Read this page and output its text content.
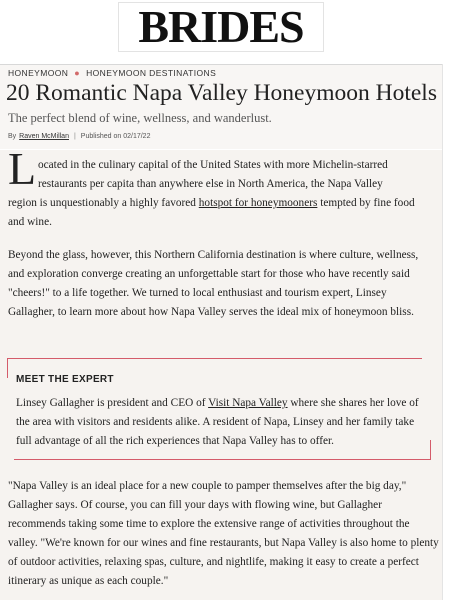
BRIDES
HONEYMOON ● HONEYMOON DESTINATIONS
20 Romantic Napa Valley Honeymoon Hotels
The perfect blend of wine, wellness, and wanderlust.
By Raven McMillan | Published on 02/17/22
L ocated in the culinary capital of the United States with more Michelin-starred
restaurants per capita than anywhere else in North America, the Napa Valley
region is unquestionably a highly favored hotspot for honeymooners tempted by fine food
and wine.
Beyond the glass, however, this Northern California destination is where culture, wellness, and exploration converge creating an unforgettable start for those who have recently said "cheers!" to a life together. We turned to local enthusiast and tourism expert, Linsey Gallagher, to learn more about how Napa Valley serves the ideal mix of honeymoon bliss.
MEET THE EXPERT
Linsey Gallagher is president and CEO of Visit Napa Valley where she shares her love of the area with visitors and residents alike. A resident of Napa, Linsey and her family take full advantage of all the rich experiences that Napa Valley has to offer.
"Napa Valley is an ideal place for a new couple to pamper themselves after the big day," Gallagher says. Of course, you can fill your days with flowing wine, but Gallagher recommends taking some time to explore the extensive range of activities throughout the valley. "We're known for our wines and fine restaurants, but Napa Valley is also home to plenty of outdoor activities, relaxing spas, culture, and nightlife, making it easy to create a perfect itinerary as unique as each couple."
